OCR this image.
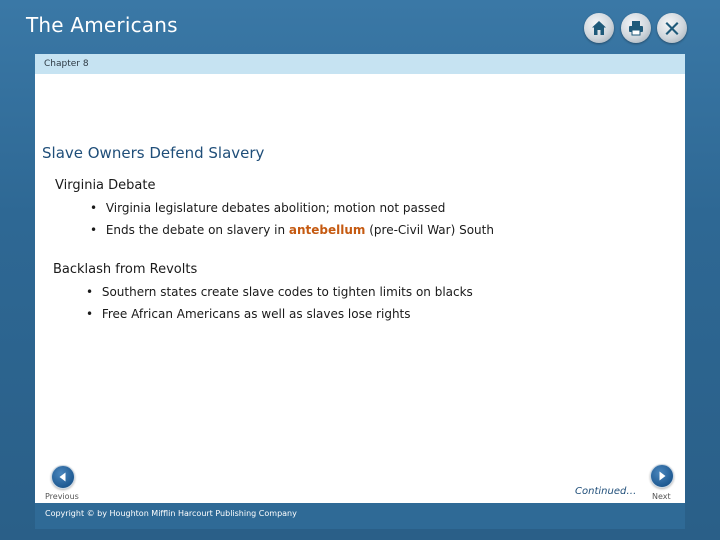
The Americans
Chapter 8
Slave Owners Defend Slavery
Virginia Debate
• Virginia legislature debates abolition; motion not passed
• Ends the debate on slavery in antebellum (pre-Civil War) South
Backlash from Revolts
• Southern states create slave codes to tighten limits on blacks
• Free African Americans as well as slaves lose rights
Previous	Continued… Next
Copyright © by Houghton Mifflin Harcourt Publishing Company
